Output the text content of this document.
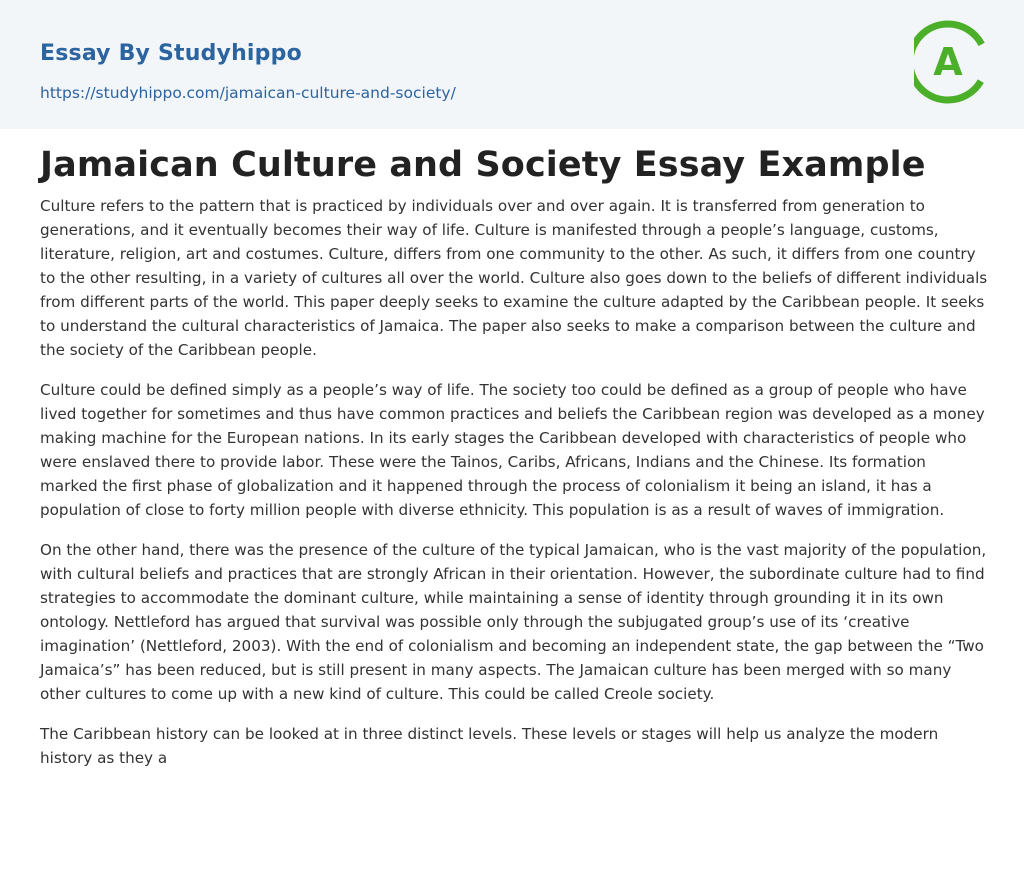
Essay By Studyhippo
https://studyhippo.com/jamaican-culture-and-society/
A
Jamaican Culture and Society Essay Example

Culture refers to the pattern that is practiced by individuals over and over again. It is transferred from generation to generations, and it eventually becomes their way of life. Culture is manifested through a people’s language, customs, literature, religion, art and costumes. Culture, differs from one community to the other. As such, it differs from one country to the other resulting, in a variety of cultures all over the world. Culture also goes down to the beliefs of different individuals from different parts of the world. This paper deeply seeks to examine the culture adapted by the Caribbean people. It seeks to understand the cultural characteristics of Jamaica. The paper also seeks to make a comparison between the culture and the society of the Caribbean people.

Culture could be defined simply as a people’s way of life. The society too could be defined as a group of people who have lived together for sometimes and thus have common practices and beliefs the Caribbean region was developed as a money making machine for the European nations. In its early stages the Caribbean developed with characteristics of people who were enslaved there to provide labor. These were the Tainos, Caribs, Africans, Indians and the Chinese. Its formation marked the first phase of globalization and it happened through the process of colonialism it being an island, it has a population of close to forty million people with diverse ethnicity. This population is as a result of waves of immigration.

On the other hand, there was the presence of the culture of the typical Jamaican, who is the vast majority of the population, with cultural beliefs and practices that are strongly African in their orientation. However, the subordinate culture had to find strategies to accommodate the dominant culture, while maintaining a sense of identity through grounding it in its own ontology. Nettleford has argued that survival was possible only through the subjugated group’s use of its ‘creative imagination’ (Nettleford, 2003). With the end of colonialism and becoming an independent state, the gap between the “Two Jamaica’s” has been reduced, but is still present in many aspects. The Jamaican culture has been merged with so many other cultures to come up with a new kind of culture. This could be called Creole society.

The Caribbean history can be looked at in three distinct levels. These levels or stages will help us analyze the modern history as they a
